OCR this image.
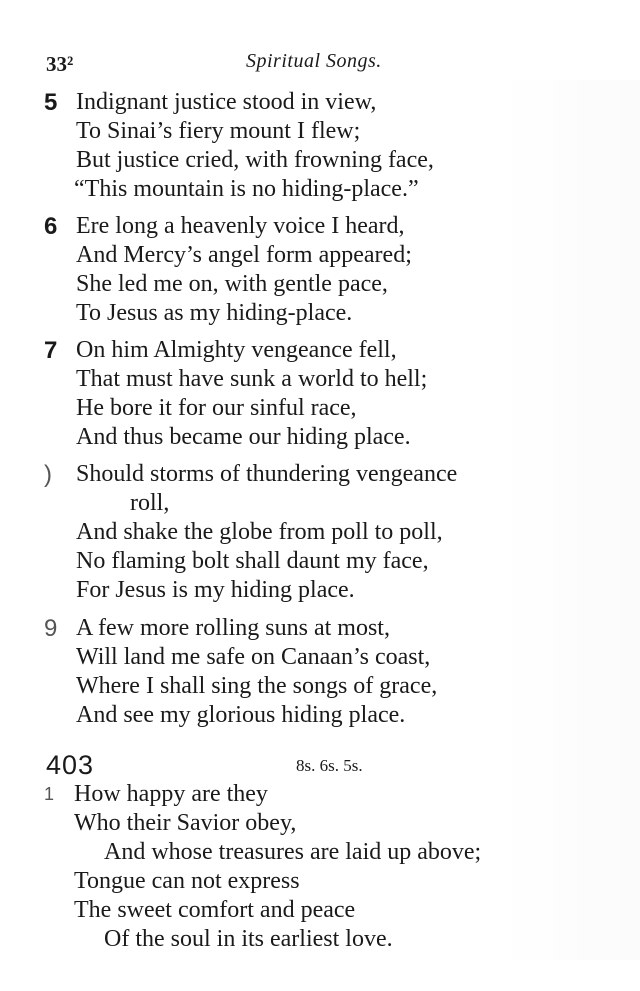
33²	Spiritual Songs.
5 Indignant justice stood in view,
To Sinai’s fiery mount I flew;
But justice cried, with frowning face,
“This mountain is no hiding-place.”
6 Ere long a heavenly voice I heard,
And Mercy’s angel form appeared;
She led me on, with gentle pace,
To Jesus as my hiding-place.
7 On him Almighty vengeance fell,
That must have sunk a world to hell;
He bore it for our sinful race,
And thus became our hiding place.
) Should storms of thundering vengeance
roll,
And shake the globe from poll to poll,
No flaming bolt shall daunt my face,
For Jesus is my hiding place.
9 A few more rolling suns at most,
Will land me safe on Canaan’s coast,
Where I shall sing the songs of grace,
And see my glorious hiding place.
403	8s. 6s. 5s.
1 How happy are they
Who their Savior obey,
And whose treasures are laid up above;
Tongue can not express
The sweet comfort and peace
Of the soul in its earliest love.
